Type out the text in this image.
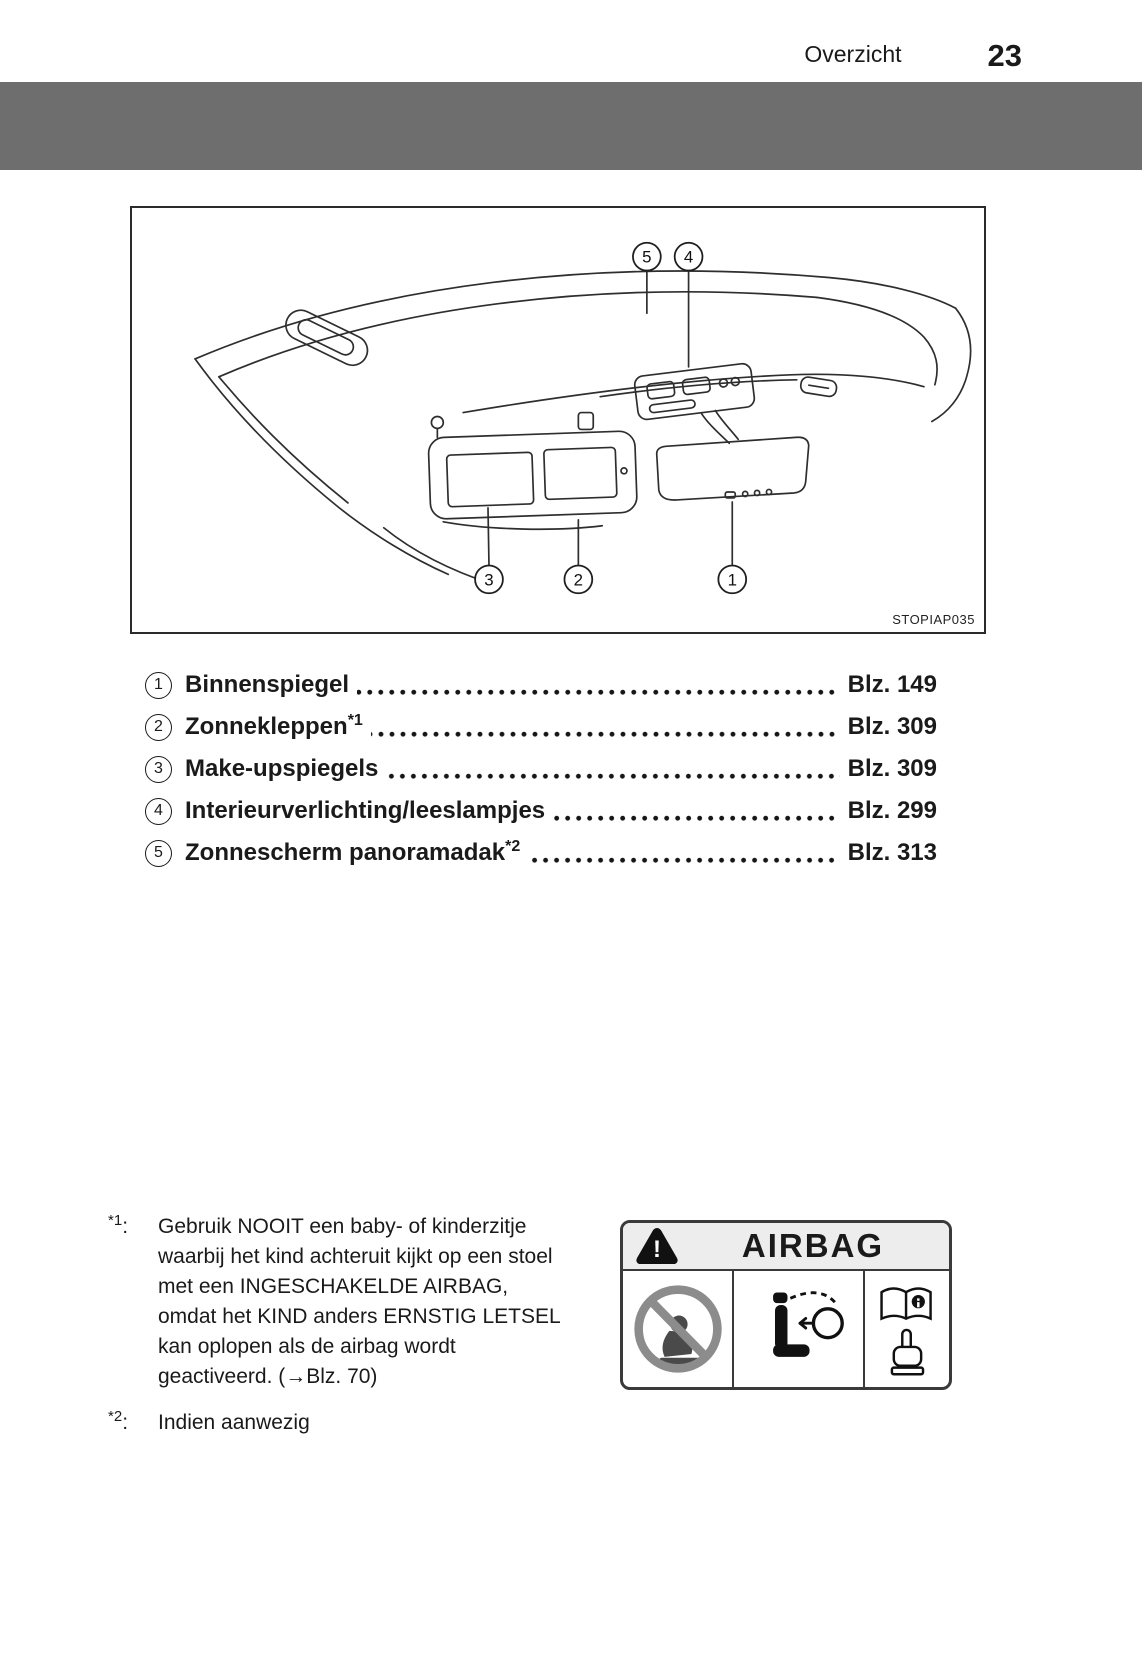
Overzicht	23
5 4
3	2	1
STOPIAP035
1 Binnenspiegel	Blz. 149
2 Zonnekleppen$^{*1}$	Blz. 309
3 Make-upspiegels	Blz. 309
4 Interieurverlichting/leeslampjes	Blz. 299
5 Zonnescherm panoramadak$^{*2}$	Blz. 313
$^{*1}$: Gebruik NOOIT een baby- of kinderzitje waarbij het kind achteruit kijkt op een stoel met een INGESCHAKELDE AIRBAG, omdat het KIND anders ERNSTIG LETSEL kan oplopen als de airbag wordt geactiveerd. (→Blz. 70)
$^{*2}$: Indien aanwezig
!	AIRBAG
